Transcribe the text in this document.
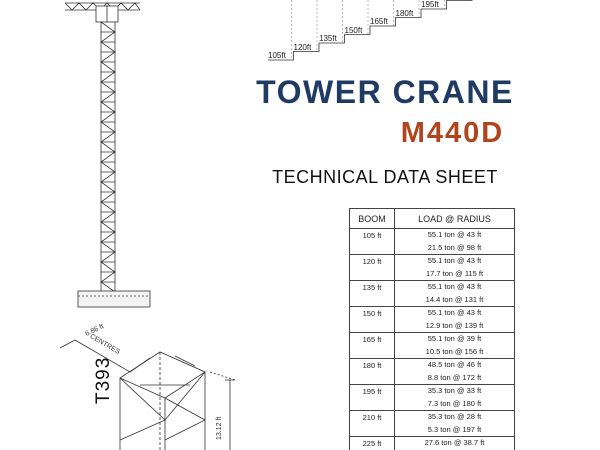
TOWER CRANE
M440D
TECHNICAL DATA SHEET
BOOM	LOAD @ RADIUS
105 ft	55.1 ton @ 43 ft
21.5 ton @ 98 ft

120 ft	55.1 ton @ 43 ft
17.7 ton @ 115 ft

135 ft	55.1 ton @ 43 ft
14.4 ton @ 131 ft

150 ft	55.1 ton @ 43 ft
12.9 ton @ 139 ft

165 ft	55.1 ton @ 39 ft
10.5 ton @ 156 ft

180 ft	48.5 ton @ 46 ft
8.8 ton @ 172 ft

195 ft	35.3 ton @ 33 ft
7.3 ton @ 180 ft

210 ft	35.3 ton @ 28 ft
5.3 ton @ 197 ft

225 ft	27.6 ton @ 38.7 ft
T393
6.86 ft
CENTRES
13.12 ft
105ft
120ft
135ft
150ft
165ft
180ft
195ft
